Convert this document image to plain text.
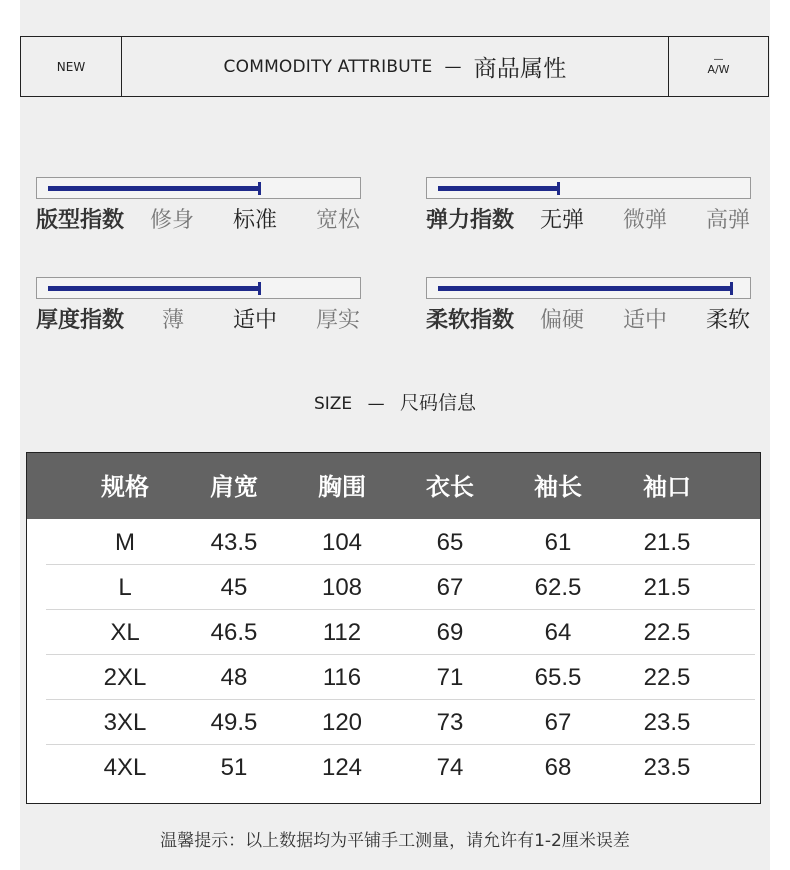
NEW	COMMODITY ATTRIBUTE — 商品属性	—
A/W
版型指数 修身 标准 宽松	弹力指数 无弹 微弹 高弹
厚度指数 薄 适中 厚实	柔软指数 偏硬 适中 柔软
SIZE — 尺码信息
规格	肩宽	胸围	衣长	袖长	袖口
M	43.5	104	65	61	21.5
L	45	108	67	62.5	21.5
XL	46.5	112	69	64	22.5
2XL	48	116	71	65.5	22.5
3XL	49.5	120	73	67	23.5
4XL	51	124	74	68	23.5
温馨提示：以上数据均为平铺手工测量，请允许有1-2厘米误差
